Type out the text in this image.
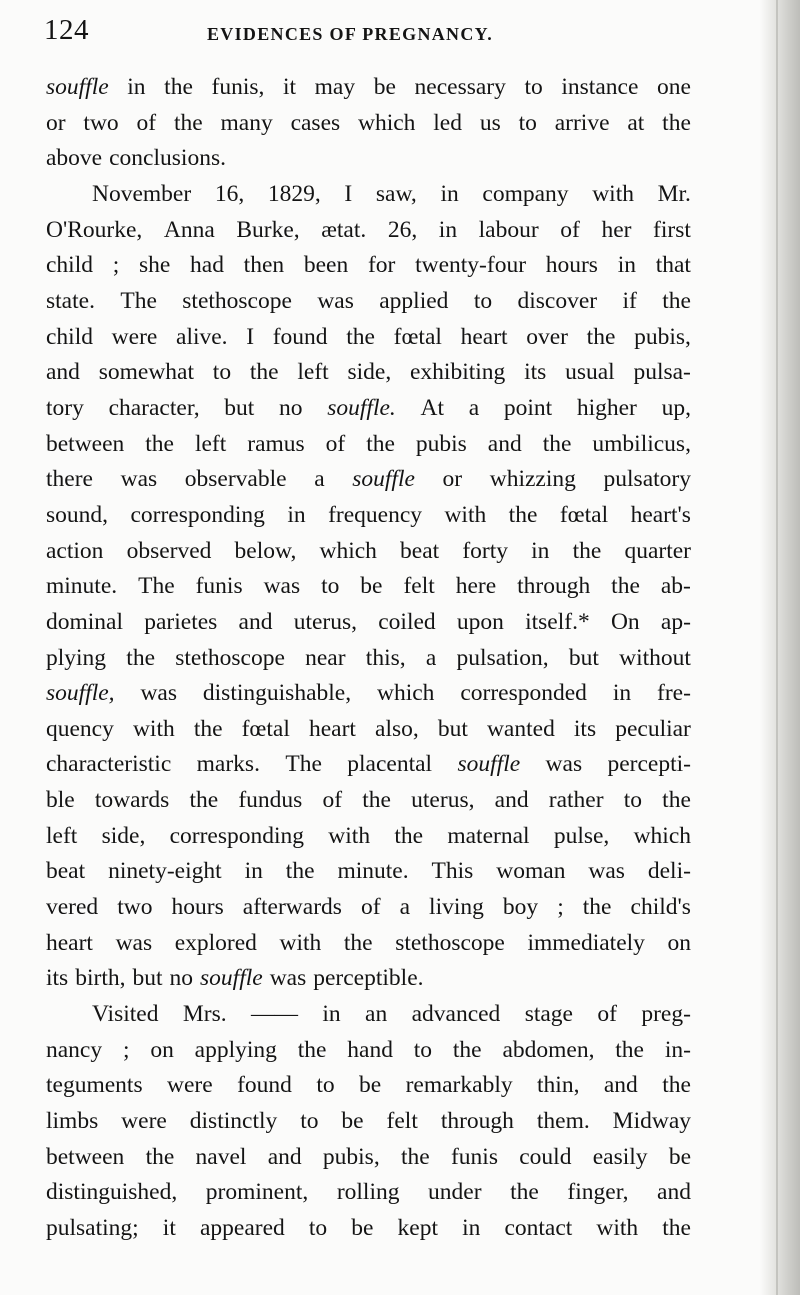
124	EVIDENCES OF PREGNANCY.
souffle in the funis, it may be necessary to instance one
or two of the many cases which led us to arrive at the
above conclusions.
November 16, 1829, I saw, in company with Mr.
O'Rourke, Anna Burke, ætat. 26, in labour of her first
child ; she had then been for twenty-four hours in that
state. The stethoscope was applied to discover if the
child were alive. I found the fœtal heart over the pubis,
and somewhat to the left side, exhibiting its usual pulsa-
tory character, but no souffle. At a point higher up,
between the left ramus of the pubis and the umbilicus,
there was observable a souffle or whizzing pulsatory
sound, corresponding in frequency with the fœtal heart's
action observed below, which beat forty in the quarter
minute. The funis was to be felt here through the ab-
dominal parietes and uterus, coiled upon itself.* On ap-
plying the stethoscope near this, a pulsation, but without
souffle, was distinguishable, which corresponded in fre-
quency with the fœtal heart also, but wanted its peculiar
characteristic marks. The placental souffle was percepti-
ble towards the fundus of the uterus, and rather to the
left side, corresponding with the maternal pulse, which
beat ninety-eight in the minute. This woman was deli-
vered two hours afterwards of a living boy ; the child's
heart was explored with the stethoscope immediately on
its birth, but no souffle was perceptible.
Visited Mrs. —— in an advanced stage of preg-
nancy ; on applying the hand to the abdomen, the in-
teguments were found to be remarkably thin, and the
limbs were distinctly to be felt through them. Midway
between the navel and pubis, the funis could easily be
distinguished, prominent, rolling under the finger, and
pulsating; it appeared to be kept in contact with the
